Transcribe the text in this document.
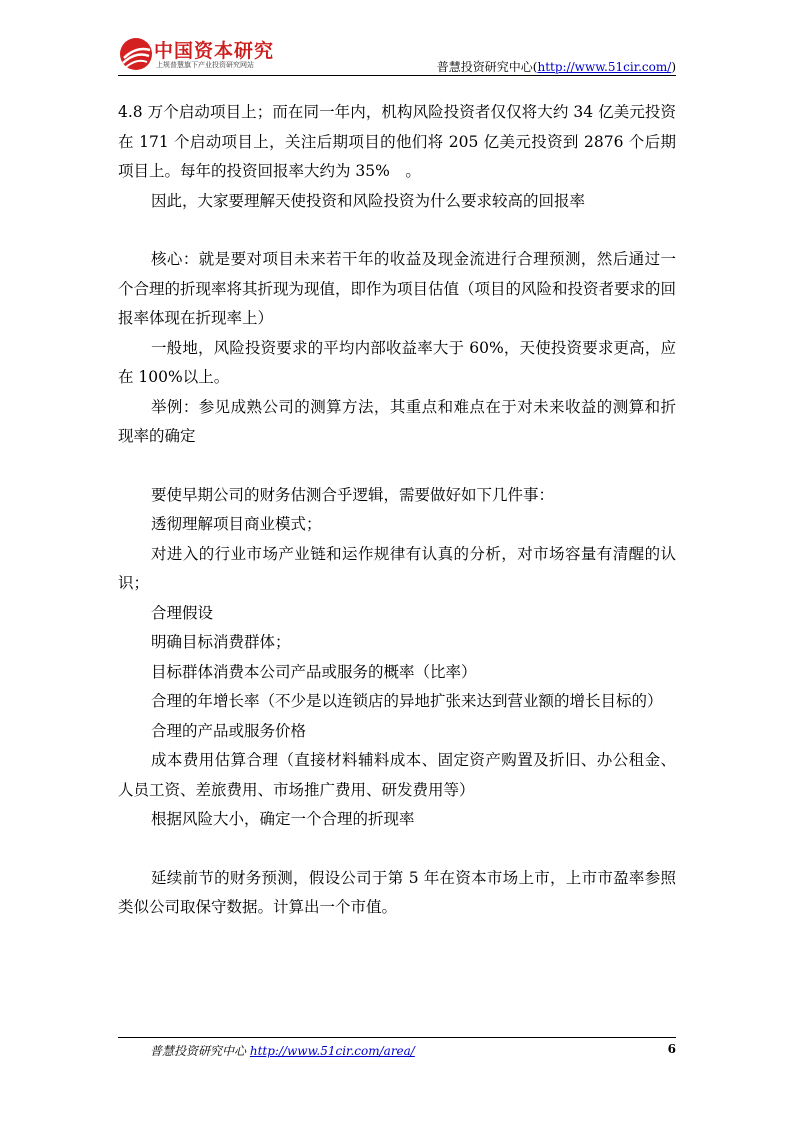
中国资本研究
上规普慧旗下产业投资研究网站	普慧投资研究中心(http://www.51cir.com/)
4.8 万个启动项目上；而在同一年内，机构风险投资者仅仅将大约 34 亿美元投资在 171 个启动项目上，关注后期项目的他们将 205 亿美元投资到 2876 个后期项目上。每年的投资回报率大约为 35%　。
因此，大家要理解天使投资和风险投资为什么要求较高的回报率
核心：就是要对项目未来若干年的收益及现金流进行合理预测，然后通过一个合理的折现率将其折现为现值，即作为项目估值（项目的风险和投资者要求的回报率体现在折现率上）
一般地，风险投资要求的平均内部收益率大于 60%，天使投资要求更高，应在 100%以上。
举例：参见成熟公司的测算方法，其重点和难点在于对未来收益的测算和折现率的确定
要使早期公司的财务估测合乎逻辑，需要做好如下几件事：
透彻理解项目商业模式；
对进入的行业市场产业链和运作规律有认真的分析，对市场容量有清醒的认识；
合理假设
明确目标消费群体；
目标群体消费本公司产品或服务的概率（比率）
合理的年增长率（不少是以连锁店的异地扩张来达到营业额的增长目标的）
合理的产品或服务价格
成本费用估算合理（直接材料辅料成本、固定资产购置及折旧、办公租金、人员工资、差旅费用、市场推广费用、研发费用等）
根据风险大小，确定一个合理的折现率
延续前节的财务预测，假设公司于第 5 年在资本市场上市，上市市盈率参照类似公司取保守数据。计算出一个市值。
普慧投资研究中心 http://www.51cir.com/area/	6
